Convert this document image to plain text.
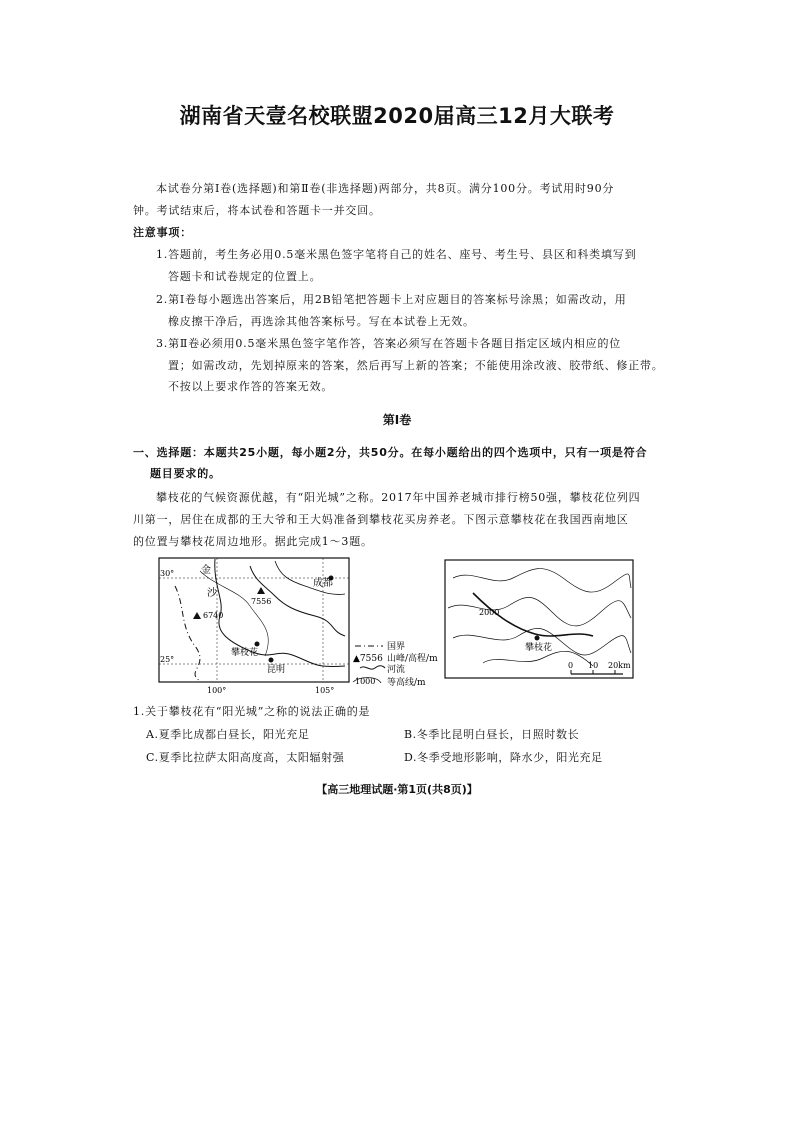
湖南省天壹名校联盟2020届高三12月大联考
本试卷分第Ⅰ卷(选择题)和第Ⅱ卷(非选择题)两部分，共8页。满分100分。考试用时90分
钟。考试结束后，将本试卷和答题卡一并交回。
注意事项：
1.答题前，考生务必用0.5毫米黑色签字笔将自己的姓名、座号、考生号、县区和科类填写到
答题卡和试卷规定的位置上。
2.第Ⅰ卷每小题选出答案后，用2B铅笔把答题卡上对应题目的答案标号涂黑；如需改动，用
橡皮擦干净后，再选涂其他答案标号。写在本试卷上无效。
3.第Ⅱ卷必须用0.5毫米黑色签字笔作答，答案必须写在答题卡各题目指定区域内相应的位
置；如需改动，先划掉原来的答案，然后再写上新的答案；不能使用涂改液、胶带纸、修正带。
不按以上要求作答的答案无效。
第Ⅰ卷
一、选择题：本题共25小题，每小题2分，共50分。在每小题给出的四个选项中，只有一项是符合
题目要求的。
攀枝花的气候资源优越，有“阳光城”之称。2017年中国养老城市排行榜50强，攀枝花位列四
川第一，居住在成都的王大爷和王大妈准备到攀枝花买房养老。下图示意攀枝花在我国西南地区
的位置与攀枝花周边地形。据此完成1～3题。
金
沙
成都
7556
6740
攀枝花
昆明
30°
25°
100°	105°
国界
▲7556 山峰/高程/m
河流
1000 等高线/m
2000
攀枝花
0 10 20km
1.关于攀枝花有“阳光城”之称的说法正确的是
A.夏季比成都白昼长，阳光充足	B.冬季比昆明白昼长，日照时数长
C.夏季比拉萨太阳高度高，太阳辐射强	D.冬季受地形影响，降水少，阳光充足
【高三地理试题·第1页(共8页)】
